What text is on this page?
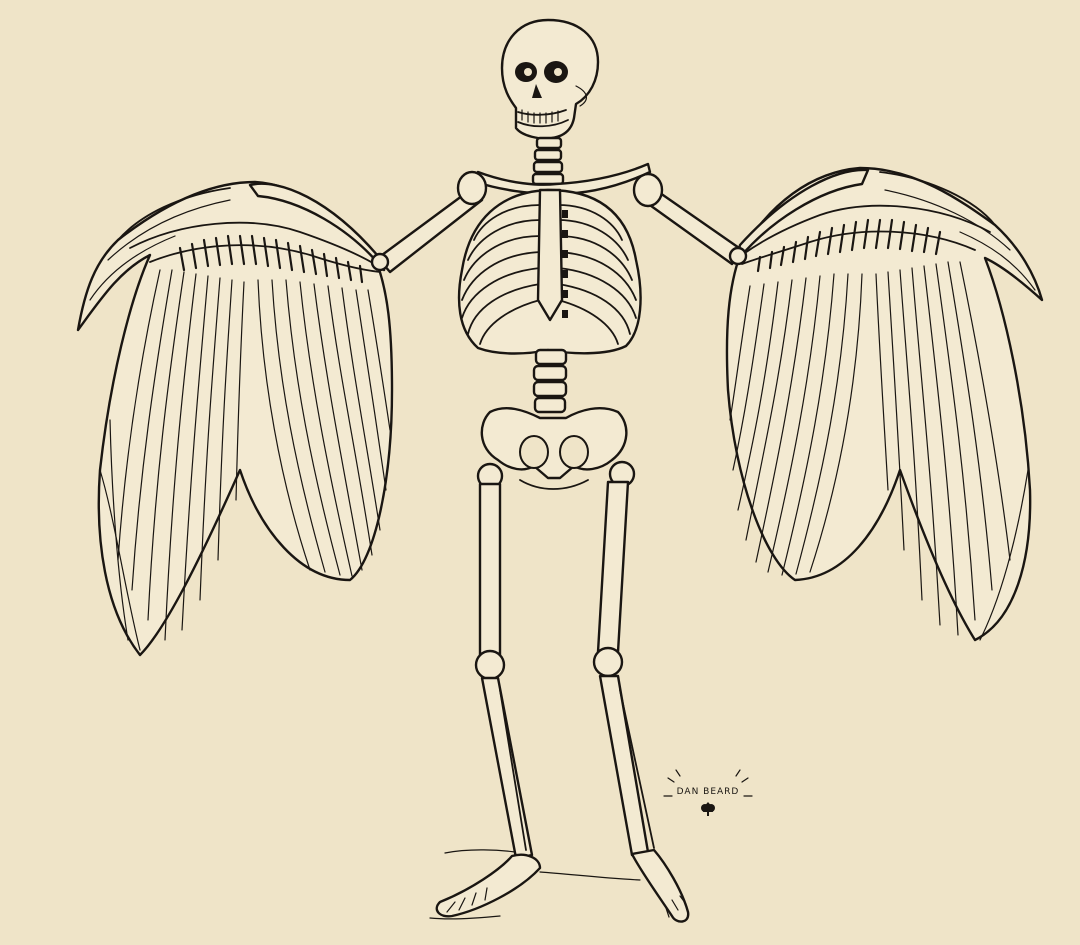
DAN BEARD
